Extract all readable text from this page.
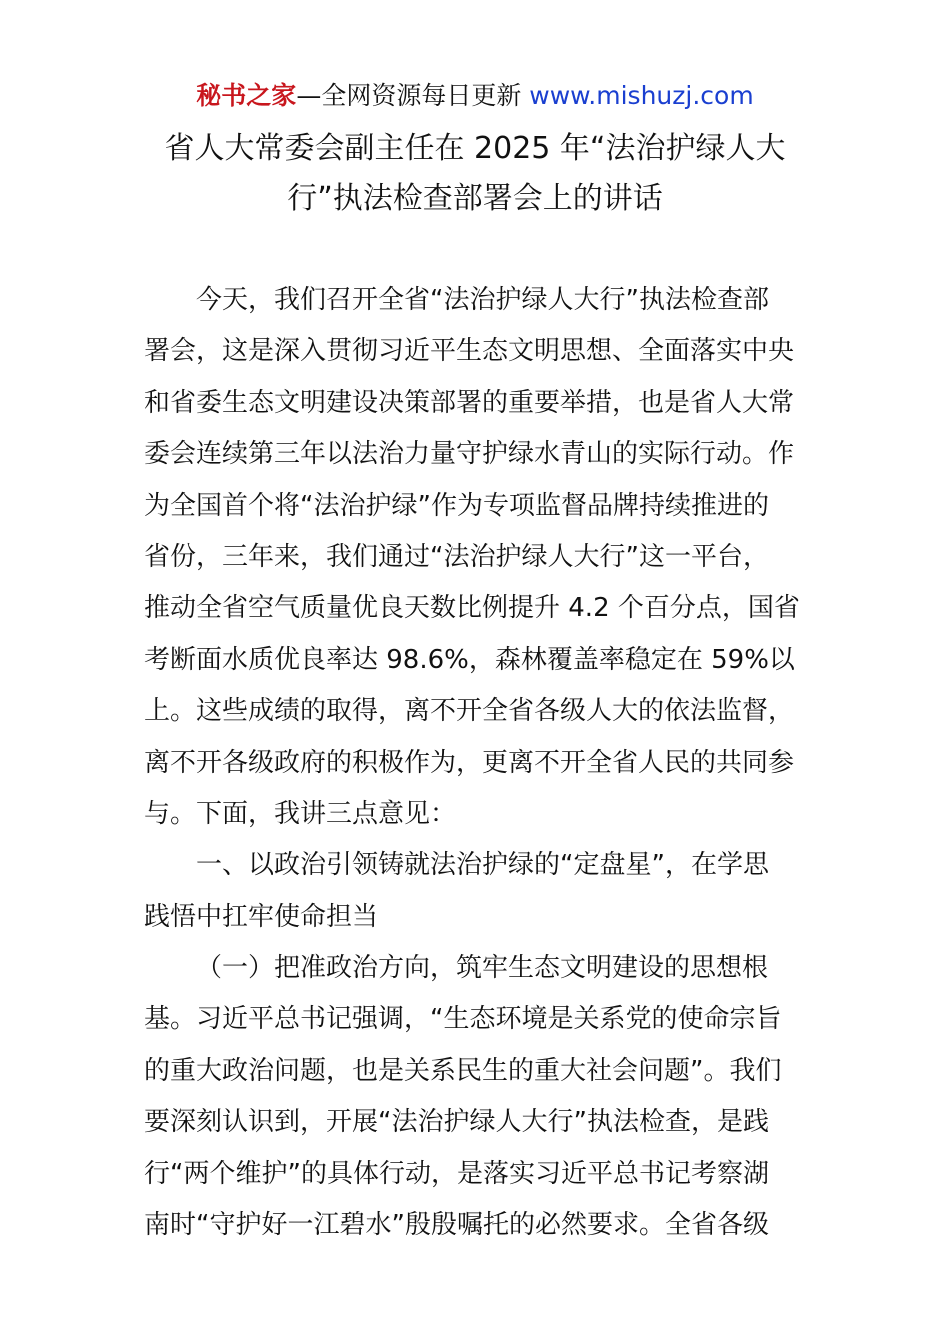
秘书之家—全网资源每日更新 www.mishuzj.com
省人大常委会副主任在 2025 年“法治护绿人大
行”执法检查部署会上的讲话
今天，我们召开全省“法治护绿人大行”执法检查部
署会，这是深入贯彻习近平生态文明思想、全面落实中央
和省委生态文明建设决策部署的重要举措，也是省人大常
委会连续第三年以法治力量守护绿水青山的实际行动。作
为全国首个将“法治护绿”作为专项监督品牌持续推进的
省份，三年来，我们通过“法治护绿人大行”这一平台，
推动全省空气质量优良天数比例提升 4.2 个百分点，国省
考断面水质优良率达 98.6%，森林覆盖率稳定在 59%以
上。这些成绩的取得，离不开全省各级人大的依法监督，
离不开各级政府的积极作为，更离不开全省人民的共同参
与。下面，我讲三点意见：
一、以政治引领铸就法治护绿的“定盘星”，在学思
践悟中扛牢使命担当
（一）把准政治方向，筑牢生态文明建设的思想根
基。习近平总书记强调，“生态环境是关系党的使命宗旨
的重大政治问题，也是关系民生的重大社会问题”。我们
要深刻认识到，开展“法治护绿人大行”执法检查，是践
行“两个维护”的具体行动，是落实习近平总书记考察湖
南时“守护好一江碧水”殷殷嘱托的必然要求。全省各级
